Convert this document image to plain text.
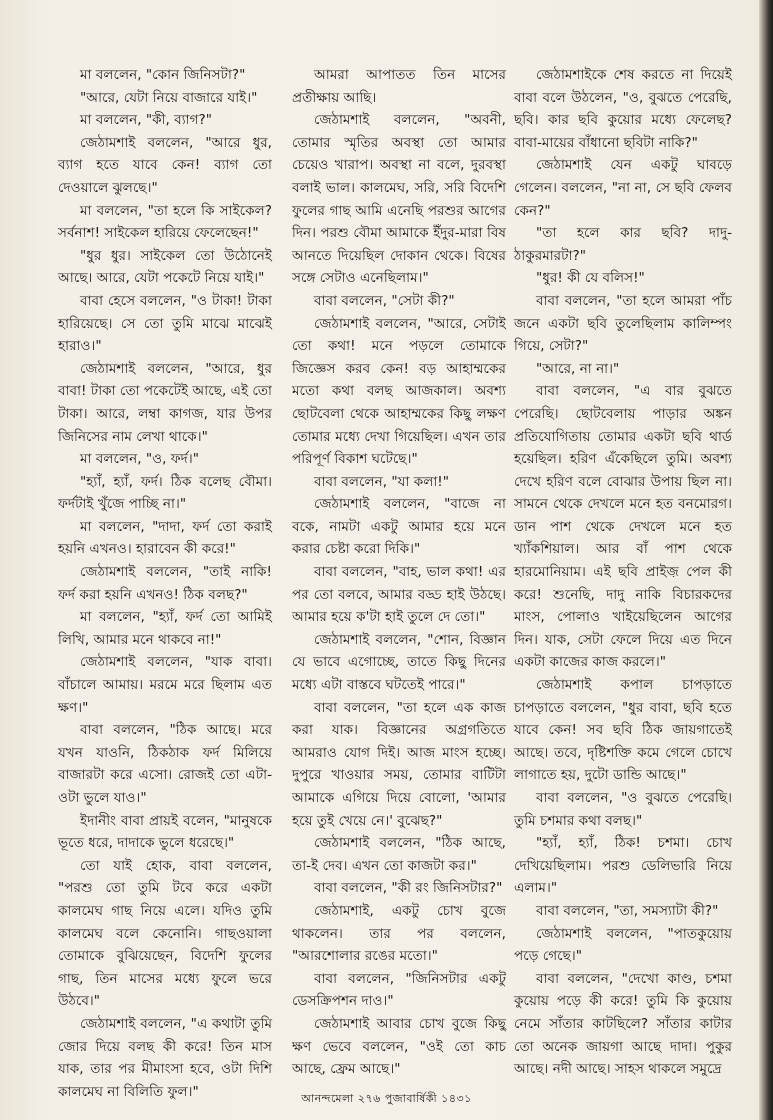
মা বললেন, "কোন জিনিসটা?"

"আরে, যেটা নিয়ে বাজারে যাই।"

মা বললেন, "কী, ব্যাগ?"

জেঠামশাই বললেন, "আরে ধুর, ব্যাগ হতে যাবে কেন! ব্যাগ তো দেওয়ালে ঝুলছে।"

মা বললেন, "তা হলে কি সাইকেল? সর্বনাশ! সাইকেল হারিয়ে ফেলেছেন!"

"ধুর ধুর। সাইকেল তো উঠোনেই আছে। আরে, যেটা পকেটে নিয়ে যাই।"

বাবা হেসে বললেন, "ও টাকা! টাকা হারিয়েছে। সে তো তুমি মাঝে মাঝেই হারাও।"

জেঠামশাই বললেন, "আরে, ধুর বাবা! টাকা তো পকেটেই আছে, এই তো টাকা। আরে, লম্বা কাগজ, যার উপর জিনিসের নাম লেখা থাকে।"

মা বললেন, "ও, ফর্দ।"

"হ্যাঁ, হ্যাঁ, ফর্দ। ঠিক বলেছ বৌমা। ফর্দটাই খুঁজে পাচ্ছি না।"

মা বললেন, "দাদা, ফর্দ তো করাই হয়নি এখনও। হারাবেন কী করে!"

জেঠামশাই বললেন, "তাই নাকি! ফর্দ করা হয়নি এখনও! ঠিক বলছ?"

মা বললেন, "হ্যাঁ, ফর্দ তো আমিই লিখি, আমার মনে থাকবে না!"

জেঠামশাই বললেন, "যাক বাবা। বাঁচালে আমায়। মরমে মরে ছিলাম এত ক্ষণ।"

বাবা বললেন, "ঠিক আছে। মরে যখন যাওনি, ঠিকঠাক ফর্দ মিলিয়ে বাজারটা করে এসো। রোজই তো এটা-ওটা ভুলে যাও।"

ইদানীং বাবা প্রায়ই বলেন, "মানুষকে ভূতে ধরে, দাদাকে ভুলে ধরেছে।"

তো যাই হোক, বাবা বললেন, "পরশু তো তুমি টবে করে একটা কালমেঘ গাছ নিয়ে এলে। যদিও তুমি কালমেঘ বলে কেনোনি। গাছওয়ালা তোমাকে বুঝিয়েছেন, বিদেশি ফুলের গাছ, তিন মাসের মধ্যে ফুলে ভরে উঠবে।"

জেঠামশাই বললেন, "এ কথাটা তুমি জোর দিয়ে বলছ কী করে! তিন মাস যাক, তার পর মীমাংসা হবে, ওটা দিশি কালমেঘ না বিলিতি ফুল।"

আমরা আপাতত তিন মাসের প্রতীক্ষায় আছি।

জেঠামশাই বললেন, "অবনী, তোমার স্মৃতির অবস্থা তো আমার চেয়েও খারাপ। অবস্থা না বলে, দুরবস্থা বলাই ভাল। কালমেঘ, সরি, সরি বিদেশি ফুলের গাছ আমি এনেছি পরশুর আগের দিন। পরশু বৌমা আমাকে ইঁদুর-মারা বিষ আনতে দিয়েছিল দোকান থেকে। বিষের সঙ্গে সেটাও এনেছিলাম।"

বাবা বললেন, "সেটা কী?"

জেঠামশাই বললেন, "আরে, সেটাই তো কথা! মনে পড়লে তোমাকে জিজ্ঞেস করব কেন! বড় আহাম্মকের মতো কথা বলছ আজকাল। অবশ্য ছোটবেলা থেকে আহাম্মকের কিছু লক্ষণ তোমার মধ্যে দেখা গিয়েছিল। এখন তার পরিপূর্ণ বিকাশ ঘটেছে।"

বাবা বললেন, "যা কলা!"

জেঠামশাই বললেন, "বাজে না বকে, নামটা একটু আমার হয়ে মনে করার চেষ্টা করো দিকি।"

বাবা বললেন, "বাহ, ভাল কথা! এর পর তো বলবে, আমার বড্ড হাই উঠছে। আমার হয়ে ক'টা হাই তুলে দে তো।"

জেঠামশাই বললেন, "শোন, বিজ্ঞান যে ভাবে এগোচ্ছে, তাতে কিছু দিনের মধ্যে এটা বাস্তবে ঘটতেই পারে।"

বাবা বললেন, "তা হলে এক কাজ করা যাক। বিজ্ঞানের অগ্রগতিতে আমরাও যোগ দিই। আজ মাংস হচ্ছে। দুপুরে খাওয়ার সময়, তোমার বাটিটা আমাকে এগিয়ে দিয়ে বোলো, 'আমার হয়ে তুই খেয়ে নে।' বুঝেছ?"

জেঠামশাই বললেন, "ঠিক আছে, তা-ই দেব। এখন তো কাজটা কর।"

বাবা বললেন, "কী রং জিনিসটার?"

জেঠামশাই, একটু চোখ বুজে থাকলেন। তার পর বললেন, "আরশোলার রঙের মতো।"

বাবা বললেন, "জিনিসটার একটু ডেসক্রিপশন দাও।"

জেঠামশাই আবার চোখ বুজে কিছু ক্ষণ ভেবে বললেন, "ওই তো কাচ আছে, ফ্রেম আছে।"

জেঠামশাইকে শেষ করতে না দিয়েই বাবা বলে উঠলেন, "ও, বুঝতে পেরেছি, ছবি। কার ছবি কুয়োর মধ্যে ফেলেছ? বাবা-মায়ের বাঁধানো ছবিটা নাকি?"

জেঠামশাই যেন একটু ঘাবড়ে গেলেন। বললেন, "না না, সে ছবি ফেলব কেন?"

"তা হলে কার ছবি? দাদু-ঠাকুরমারটা?"

"ধুর! কী যে বলিস!"

বাবা বললেন, "তা হলে আমরা পাঁচ জনে একটা ছবি তুলেছিলাম কালিম্পং গিয়ে, সেটা?"

"আরে, না না।"

বাবা বললেন, "এ বার বুঝতে পেরেছি। ছোটবেলায় পাড়ার অঙ্কন প্রতিযোগিতায় তোমার একটা ছবি থার্ড হয়েছিল। হরিণ এঁকেছিলে তুমি। অবশ্য দেখে হরিণ বলে বোঝার উপায় ছিল না। সামনে থেকে দেখলে মনে হত বনমোরগ। ডান পাশ থেকে দেখলে মনে হত খ্যাঁকশিয়াল। আর বাঁ পাশ থেকে হারমোনিয়াম। এই ছবি প্রাইজ় পেল কী করে! শুনেছি, দাদু নাকি বিচারকদের মাংস, পোলাও খাইয়েছিলেন আগের দিন। যাক, সেটা ফেলে দিয়ে এত দিনে একটা কাজের কাজ করলে।"

জেঠামশাই কপাল চাপড়াতে চাপড়াতে বললেন, "ধুর বাবা, ছবি হতে যাবে কেন! সব ছবি ঠিক জায়গাতেই আছে। তবে, দৃষ্টিশক্তি কমে গেলে চোখে লাগাতে হয়, দুটো ডান্ডি আছে।"

বাবা বললেন, "ও বুঝতে পেরেছি। তুমি চশমার কথা বলছ।"

"হ্যাঁ, হ্যাঁ, ঠিক! চশমা। চোখ দেখিয়েছিলাম। পরশু ডেলিভারি নিয়ে এলাম।"

বাবা বললেন, "তা, সমস্যাটা কী?"

জেঠামশাই বললেন, "পাতকুয়োয় পড়ে গেছে।"

বাবা বললেন, "দেখো কাণ্ড, চশমা কুয়োয় পড়ে কী করে! তুমি কি কুয়োয় নেমে সাঁতার কাটছিলে? সাঁতার কাটার তো অনেক জায়গা আছে দাদা। পুকুর আছে। নদী আছে। সাহস থাকলে সমুদ্রে

আনন্দমেলা ২৭৬ পুজাবার্ষিকী ১৪৩১
